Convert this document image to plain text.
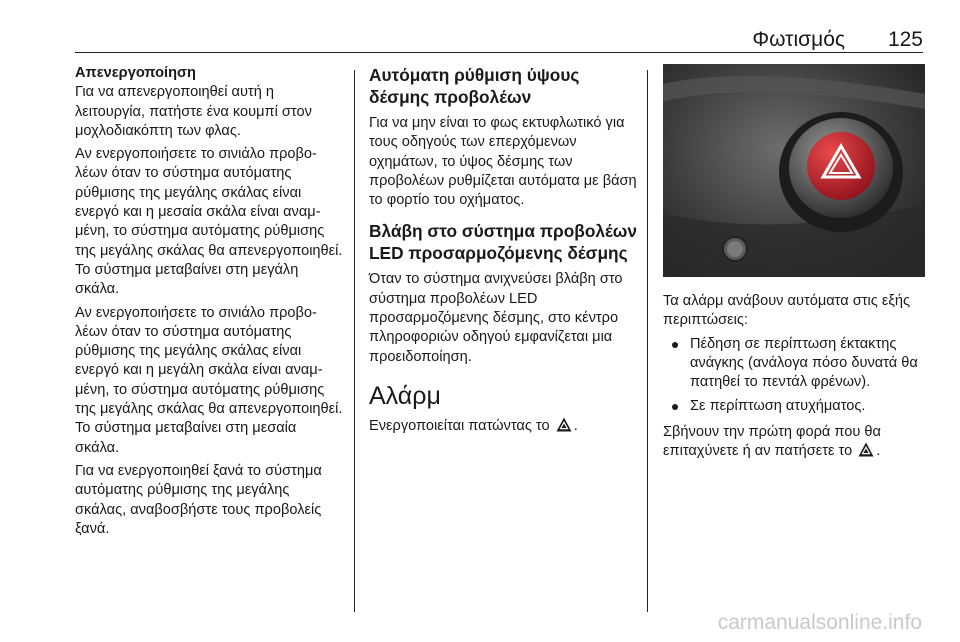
Φωτισμός 125
Απενεργοποίηση

Για να απενεργοποιηθεί αυτή η λειτουργία, πατήστε ένα κουμπί στον μοχλοδιακόπτη των φλας.

Αν ενεργοποιήσετε το σινιάλο προβολέων όταν το σύστημα αυτόματης ρύθμισης της μεγάλης σκάλας είναι ενεργό και η μεσαία σκάλα είναι αναμμένη, το σύστημα αυτόματης ρύθμισης της μεγάλης σκάλας θα απενεργοποιηθεί. Το σύστημα μεταβαίνει στη μεγάλη σκάλα.

Αν ενεργοποιήσετε το σινιάλο προβολέων όταν το σύστημα αυτόματης ρύθμισης της μεγάλης σκάλας είναι ενεργό και η μεγάλη σκάλα είναι αναμμένη, το σύστημα αυτόματης ρύθμισης της μεγάλης σκάλας θα απενεργοποιηθεί. Το σύστημα μεταβαίνει στη μεσαία σκάλα.

Για να ενεργοποιηθεί ξανά το σύστημα αυτόματης ρύθμισης της μεγάλης σκάλας, αναβοσβήστε τους προβολείς ξανά.

Αυτόματη ρύθμιση ύψους δέσμης προβολέων

Για να μην είναι το φως εκτυφλωτικό για τους οδηγούς των επερχόμενων οχημάτων, το ύψος δέσμης των προβολέων ρυθμίζεται αυτόματα με βάση το φορτίο του οχήματος.

Βλάβη στο σύστημα προβολέων LED προσαρμοζόμενης δέσμης

Όταν το σύστημα ανιχνεύσει βλάβη στο σύστημα προβολέων LED προσαρμοζόμενης δέσμης, στο κέντρο πληροφοριών οδηγού εμφανίζεται μια προειδοποίηση.

Αλάρμ

Ενεργοποιείται πατώντας το .

Τα αλάρμ ανάβουν αυτόματα στις εξής περιπτώσεις:

Πέδηση σε περίπτωση έκτακτης ανάγκης (ανάλογα πόσο δυνατά θα πατηθεί το πεντάλ φρένων).
Σε περίπτωση ατυχήματος.

Σβήνουν την πρώτη φορά που θα επιταχύνετε ή αν πατήσετε το .

carmanualsonline.info
